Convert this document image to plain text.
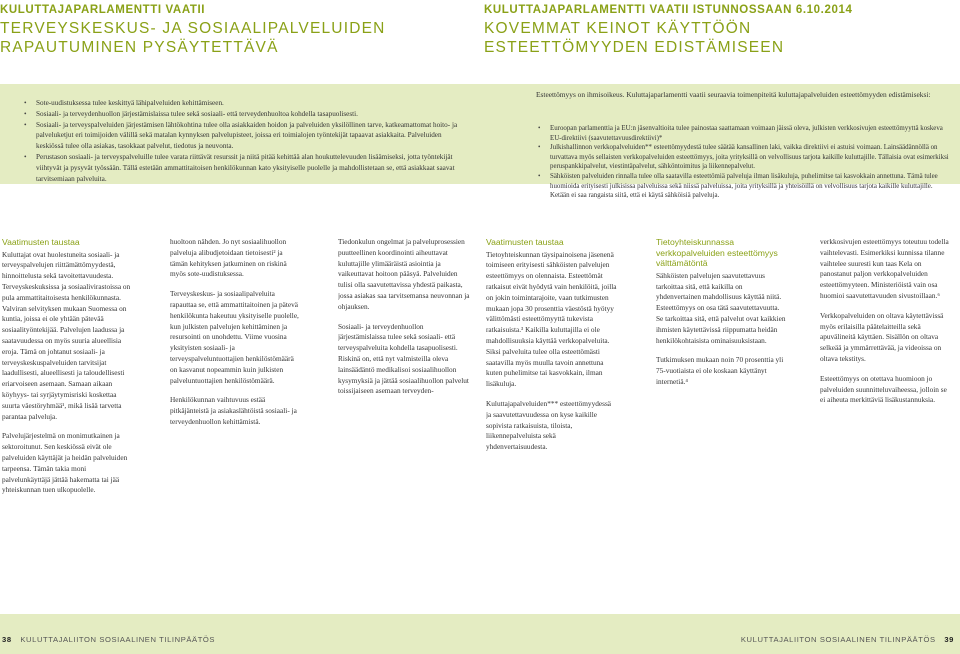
KULUTTAJAPARLAMENTTI VAATII
TERVEYSKESKUS- JA SOSIAALIPALVELUIDEN
RAPAUTUMINEN PYSÄYTETTÄVÄ
• Sote-uudistuksessa tulee keskittyä lähipalveluiden kehittämiseen.
• Sosiaali- ja terveydenhuollon järjestämislaissa tulee sekä sosiaali- että terveydenhuoltoa kohdella tasapuolisesti.
• Sosiaali- ja terveyspalveluiden järjestämisen lähtökohtina tulee olla asiakkaiden hoidon ja palveluiden yksilöllinen tarve, katkeamattomat hoito- ja palveluketjut eri toimijoiden välillä sekä matalan kynnyksen palvelupisteet, joissa eri toimialojen työntekijät tapaavat asiakkaita. Palveluiden keskiössä tulee olla asiakas, tasokkaat palvelut, tiedotus ja neuvonta.
• Perustason sosiaali- ja terveyspalveluille tulee varata riittävät resurssit ja niitä pitää kehittää alan houkuttelevuuden lisäämiseksi, jotta työntekijät viihtyvät ja pysyvät työssään. Tällä estetään ammattitaitoisen henkilökunnan kato yksityiselle puolelle ja mahdollistetaan se, että asiakkaat saavat tarvitsemiaan palveluita.
Vaatimusten taustaa

Kuluttajat ovat huolestuneita sosiaali- ja terveyspalvelujen riittämättömyydestä, hinnoittelusta sekä tavoitettavuudesta. Terveyskeskuksissa ja sosiaalivirastoissa on pula ammattitaitoisesta henkilökunnasta. Valviran selvityksen mukaan Suomessa on kuntia, joissa ei ole yhtään pätevää sosiaalityöntekijää. Palvelujen laadussa ja saatavuudessa on myös suuria alueellisia eroja. Tämä on johtanut sosiaali- ja terveyskeskuspalveluiden tarvitsijat laadullisesti, alueellisesti ja taloudellisesti eriarvoiseen asemaan. Samaan aikaan köyhyys- tai syrjäytymisriski koskettaa suurta väestöryhmää¹, mikä lisää tarvetta parantaa palveluja.

Palvelujärjestelmä on monimutkainen ja sektoroitunut. Sen keskiössä eivät ole palveluiden käyttäjät ja heidän palveluiden tarpeensa. Tämän takia moni palvelunkäyttäjä jättää hakematta tai jää yhteiskunnan tuen ulkopuolelle.

huoltoon nähden. Jo nyt sosiaalihuollon palveluja alibudjetoidaan tietoisesti² ja tämän kehityksen jatkuminen on riskinä myös sote-uudistuksessa.

Terveyskeskus- ja sosiaalipalveluita rapauttaa se, että ammattitaitoinen ja pätevä henkilökunta hakeutuu yksityiselle puolelle, kun julkisten palvelujen kehittäminen ja resursointi on unohdettu. Viime vuosina yksityisten sosiaali- ja terveyspalveluntuottajien henkilöstömäärä on kasvanut nopeammin kuin julkisten palveluntuottajien henkilöstömäärä.

Henkilökunnan vaihtuvuus estää pitkäjänteistä ja asiakaslähtöistä sosiaali- ja terveydenhuollon kehittämistä.

Tiedonkulun ongelmat ja palveluprosessien puutteellinen koordinointi aiheuttavat kuluttajille ylimääräistä asiointia ja vaikeuttavat hoitoon pääsyä. Palveluiden tulisi olla saavutettavissa yhdestä paikasta, jossa asiakas saa tarvitsemansa neuvonnan ja ohjauksen.

Sosiaali- ja terveydenhuollon järjestämislaissa tulee sekä sosiaali- että terveyspalveluita kohdella tasapuolisesti. Riskinä on, että nyt valmisteilla oleva lainsäädäntö medikalisoi sosiaalihuollon kysymyksiä ja jättää sosiaalihuollon palvelut toissijaiseen asemaan terveyden-

38 KULUTTAJALIITON SOSIAALINEN TILINPÄÄTÖS
KULUTTAJAPARLAMENTTI VAATII ISTUNNOSSAAN 6.10.2014
KOVEMMAT KEINOT KÄYTTÖÖN
ESTEETTÖMYYDEN EDISTÄMISEEN

Esteettömyys on ihmisoikeus. Kuluttajaparlamentti vaatii seuraavia toimenpiteitä kuluttajapalveluiden esteettömyyden edistämiseksi:

• Euroopan parlamenttia ja EU:n jäsenvaltioita tulee painostaa saattamaan voimaan jäissä oleva, julkisten verkkosivujen esteettömyyttä koskeva EU-direktiivi (saavutettavuusdirektiivi)*
• Julkishallinnon verkkopalveluiden** esteettömyydestä tulee säätää kansallinen laki, vaikka direktiivi ei astuisi voimaan. Lainsäädännöllä on turvattava myös sellaisten verkkopalveluiden esteettömyys, joita yrityksillä on velvollisuus tarjota kaikille kuluttajille. Tällaisia ovat esimerkiksi peruspankkipalvelut, viestintäpalvelut, sähköntoimitus ja liikennepalvelut.
• Sähköisten palveluiden rinnalla tulee olla saatavilla esteettömiä palveluja ilman lisäkuluja, puhelimitse tai kasvokkain annettuna. Tämä tulee huomioida erityisesti julkisissa palveluissa sekä niissä palveluissa, joita yrityksillä ja yhteisöillä on velvollisuus tarjota kaikille kuluttajille. Ketään ei saa rangaista siitä, että ei käytä sähköisiä palveluja.
Vaatimusten taustaa

Tietoyhteiskunnan täysipainoisena jäsenenä toimiseen erityisesti sähköisten palvelujen esteettömyys on olennaista. Esteettömät ratkaisut eivät hyödytä vain henkilöitä, joilla on jokin toimintarajoite, vaan tutkimusten mukaan jopa 30 prosenttia väestöstä hyötyy välittömästi esteettömyyttä tukevista ratkaisuista.³ Kaikilla kuluttajilla ei ole mahdollisuuksia käyttää verkkopalveluita. Siksi palveluita tulee olla esteettömästi saatavilla myös muulla tavoin annettuna kuten puhelimitse tai kasvokkain, ilman lisäkuluja.

Kuluttajapalveluiden*** esteettömyydessä ja saavutettavuudessa on kyse kaikille sopivista ratkaisuista, tiloista, liikennepalveluista sekä yhdenvertaisuudesta.

Tietoyhteiskunnassa verkkopalveluiden esteettömyys välttämätöntä

Sähköisten palvelujen saavutettavuus tarkoittaa sitä, että kaikilla on yhdenvertainen mahdollisuus käyttää niitä. Esteettömyys on osa tätä saavutettavuutta. Se tarkoittaa sitä, että palvelut ovat kaikkien ihmisten käytettävissä riippumatta heidän henkilökohtaisista ominaisuuksistaan.

Tutkimuksen mukaan noin 70 prosenttia yli 75-vuotiaista ei ole koskaan käyttänyt internetiä.⁴

verkkosivujen esteettömyys toteutuu todella vaihtelevasti. Esimerkiksi kunnissa tilanne vaihtelee suuresti kun taas Kela on panostanut paljon verkkopalveluiden esteettömyyteen. Ministeriöistä vain osa huomioi saavutettavuuden sivustoillaan.⁶

Verkkopalveluiden on oltava käytettävissä myös erilaisilla päätelaitteilla sekä apuvälineitä käyttäen. Sisällön on oltava selkeää ja ymmärrettävää, ja videoissa on oltava tekstitys.

Esteettömyys on otettava huomioon jo palveluiden suunnitteluvaiheessa, jolloin se ei aiheuta merkittäviä lisäkustannuksia.

KULUTTAJALIITON SOSIAALINEN TILINPÄÄTÖS 39
